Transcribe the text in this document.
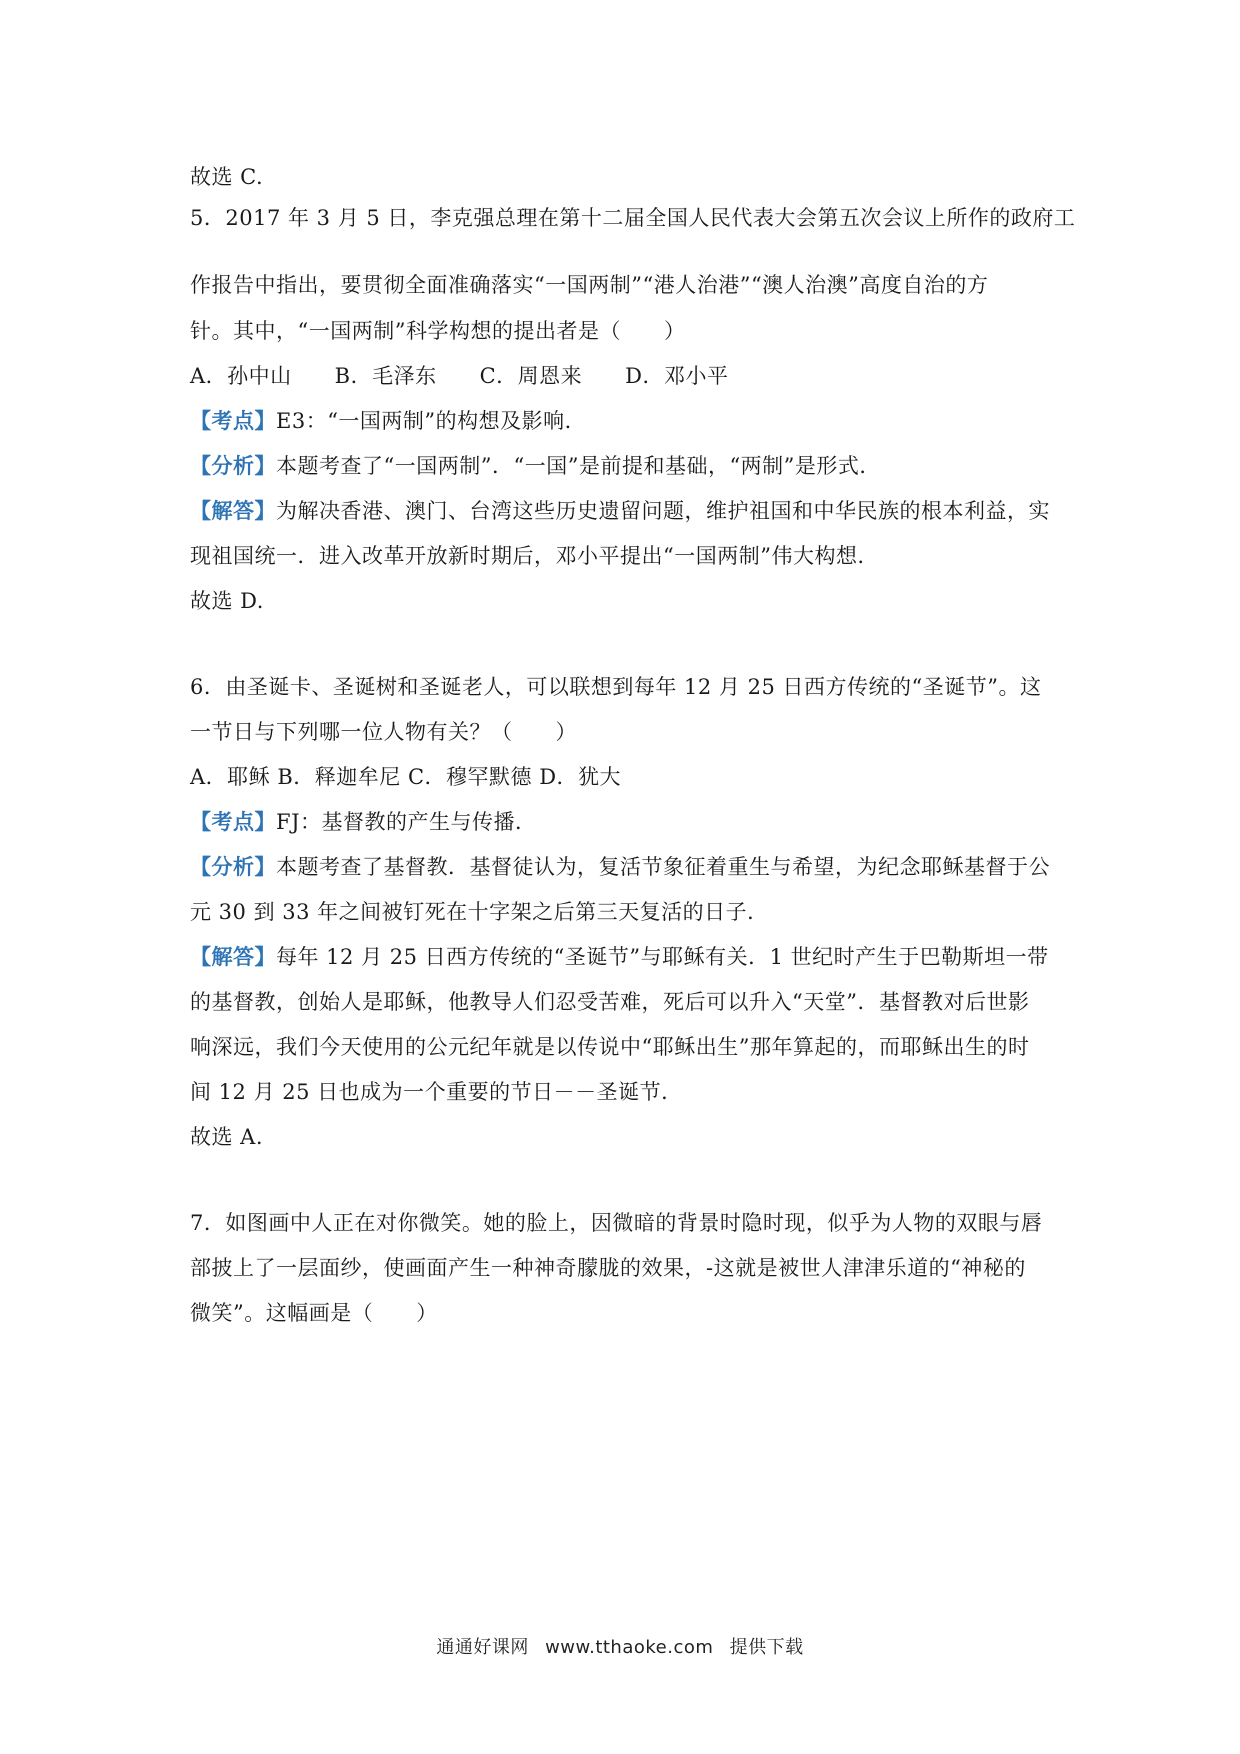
故选 C.
5．2017 年 3 月 5 日，李克强总理在第十二届全国人民代表大会第五次会议上所作的政府工
作报告中指出，要贯彻全面准确落实“一国两制”“港人治港”“澳人治澳”高度自治的方
针。其中，“一国两制”科学构想的提出者是（　　）
A．孙中山　　B．毛泽东　　C．周恩来　　D．邓小平
【考点】E3：“一国两制”的构想及影响．
【分析】本题考查了“一国两制”．“一国”是前提和基础，“两制”是形式．
【解答】为解决香港、澳门、台湾这些历史遗留问题，维护祖国和中华民族的根本利益，实
现祖国统一．进入改革开放新时期后，邓小平提出“一国两制”伟大构想．
故选 D.
6．由圣诞卡、圣诞树和圣诞老人，可以联想到每年 12 月 25 日西方传统的“圣诞节”。这
一节日与下列哪一位人物有关？（　　）
A．耶稣 B．释迦牟尼 C．穆罕默德 D．犹大
【考点】FJ：基督教的产生与传播．
【分析】本题考查了基督教．基督徒认为，复活节象征着重生与希望，为纪念耶稣基督于公
元 30 到 33 年之间被钉死在十字架之后第三天复活的日子．
【解答】每年 12 月 25 日西方传统的“圣诞节”与耶稣有关．1 世纪时产生于巴勒斯坦一带
的基督教，创始人是耶稣，他教导人们忍受苦难，死后可以升入“天堂”．基督教对后世影
响深远，我们今天使用的公元纪年就是以传说中“耶稣出生”那年算起的，而耶稣出生的时
间 12 月 25 日也成为一个重要的节日－－圣诞节．
故选 A.
7．如图画中人正在对你微笑。她的脸上，因微暗的背景时隐时现，似乎为人物的双眼与唇
部披上了一层面纱，使画面产生一种神奇朦胧的效果，-这就是被世人津津乐道的“神秘的
微笑”。这幅画是（　　）
通通好课网 www.tthaoke.com 提供下载
